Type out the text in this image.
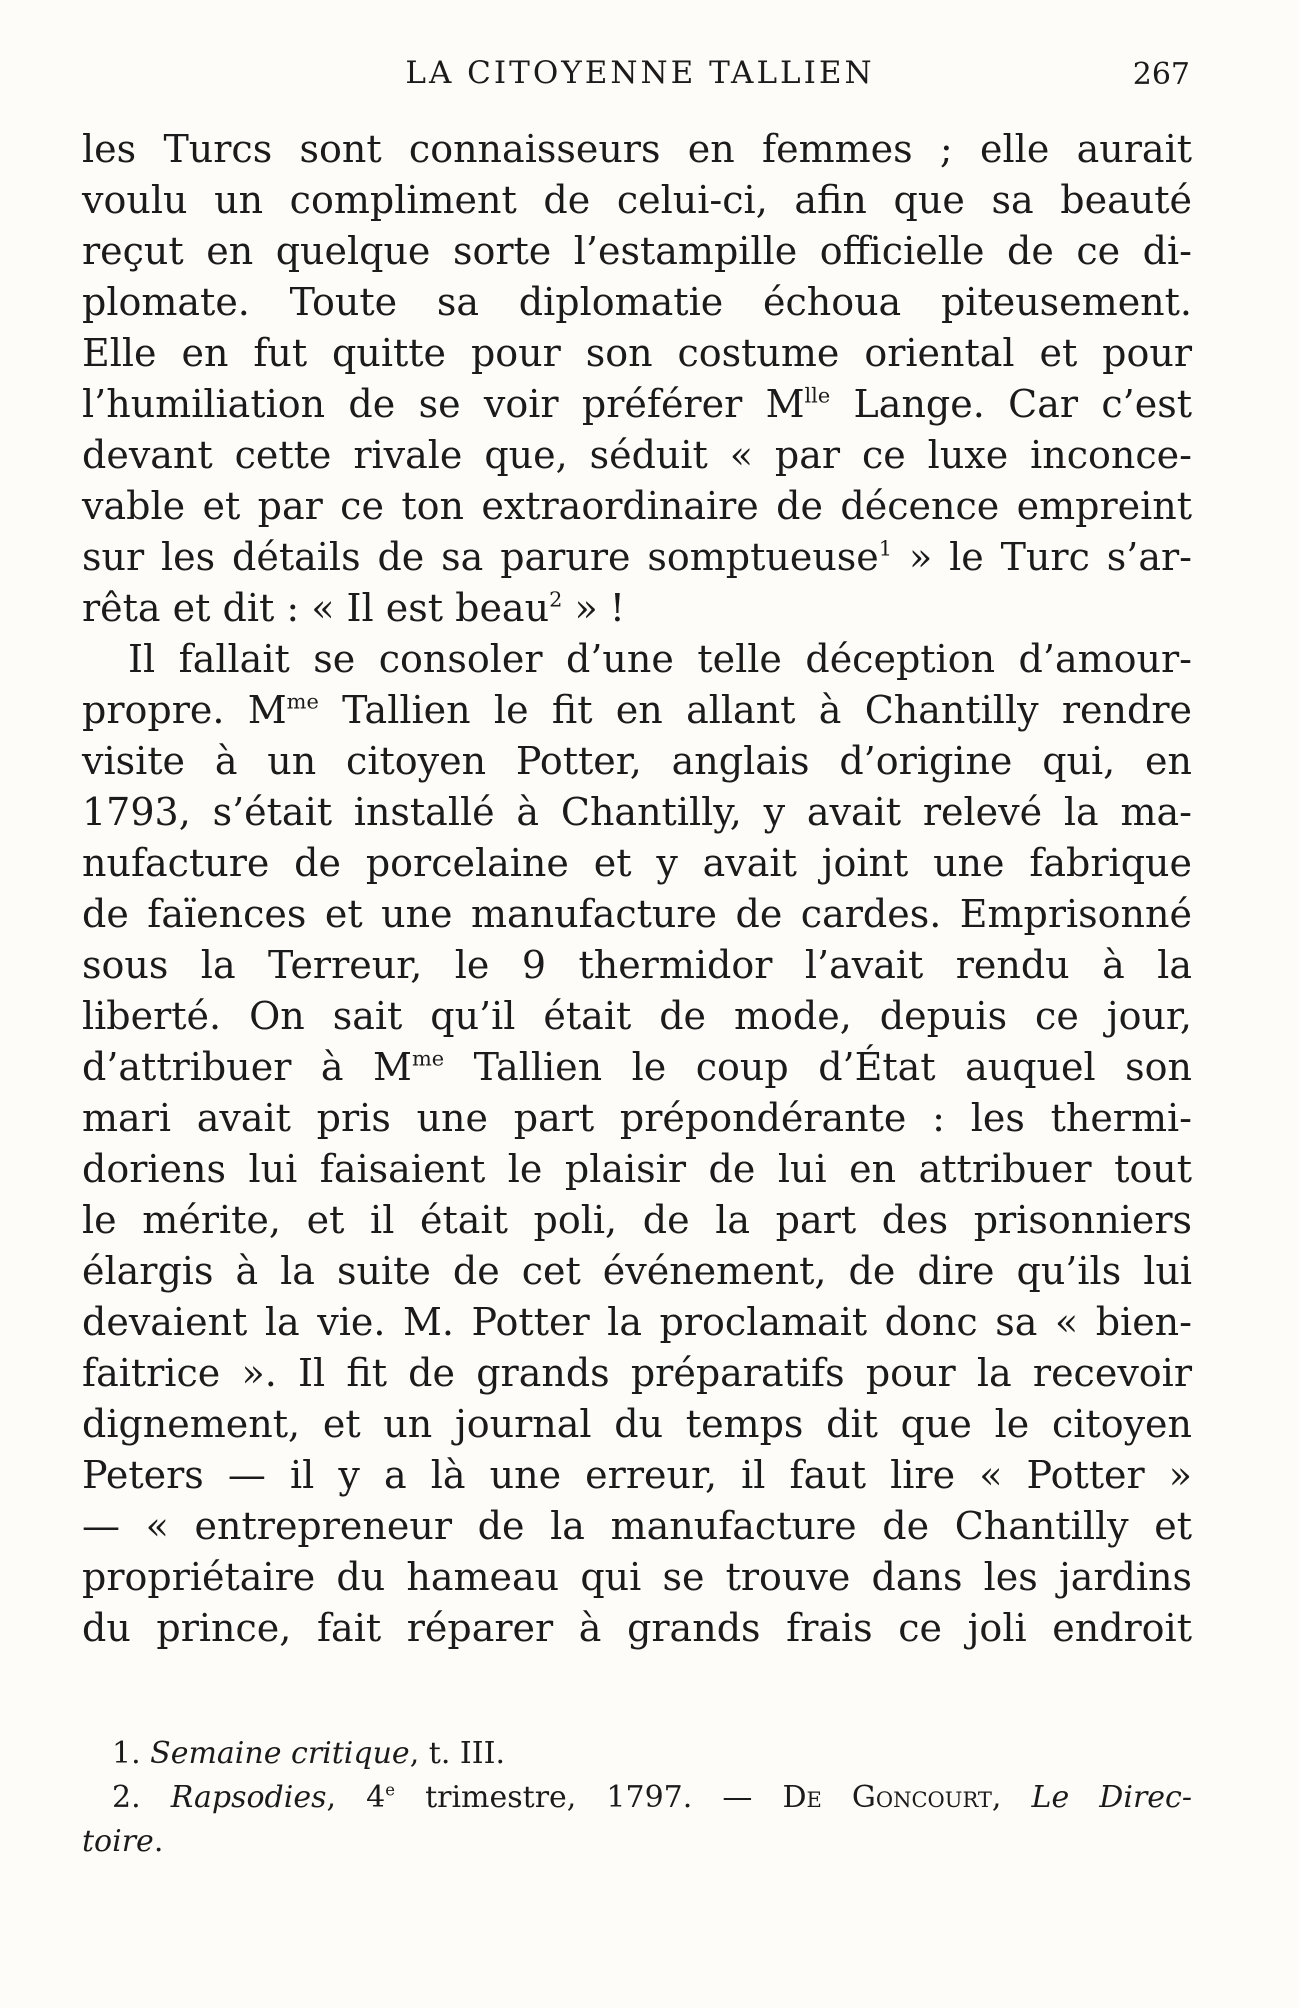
LA CITOYENNE TALLIEN	267
les Turcs sont connaisseurs en femmes ; elle aurait
voulu un compliment de celui-ci, afin que sa beauté
reçut en quelque sorte l’estampille officielle de ce di-
plomate. Toute sa diplomatie échoua piteusement.
Elle en fut quitte pour son costume oriental et pour
l’humiliation de se voir préférer $M^{lle}$ Lange. Car c’est
devant cette rivale que, séduit « par ce luxe inconce-
vable et par ce ton extraordinaire de décence empreint
sur les détails de sa parure somptueuse$^1$ » le Turc s’ar-
rêta et dit : « Il est beau$^2$ » !
Il fallait se consoler d’une telle déception d’amour-
propre. $M^{me}$ Tallien le fit en allant à Chantilly rendre
visite à un citoyen Potter, anglais d’origine qui, en
1793, s’était installé à Chantilly, y avait relevé la ma-
nufacture de porcelaine et y avait joint une fabrique
de faïences et une manufacture de cardes. Emprisonné
sous la Terreur, le 9 thermidor l’avait rendu à la
liberté. On sait qu’il était de mode, depuis ce jour,
d’attribuer à $M^{me}$ Tallien le coup d’État auquel son
mari avait pris une part prépondérante : les thermi-
doriens lui faisaient le plaisir de lui en attribuer tout
le mérite, et il était poli, de la part des prisonniers
élargis à la suite de cet événement, de dire qu’ils lui
devaient la vie. M. Potter la proclamait donc sa « bien-
faitrice ». Il fit de grands préparatifs pour la recevoir
dignement, et un journal du temps dit que le citoyen
Peters — il y a là une erreur, il faut lire « Potter »
— « entrepreneur de la manufacture de Chantilly et
propriétaire du hameau qui se trouve dans les jardins
du prince, fait réparer à grands frais ce joli endroit
1. Semaine critique, t. III.
2. Rapsodies, 4e trimestre, 1797. — De Goncourt, Le Direc-
toire.
